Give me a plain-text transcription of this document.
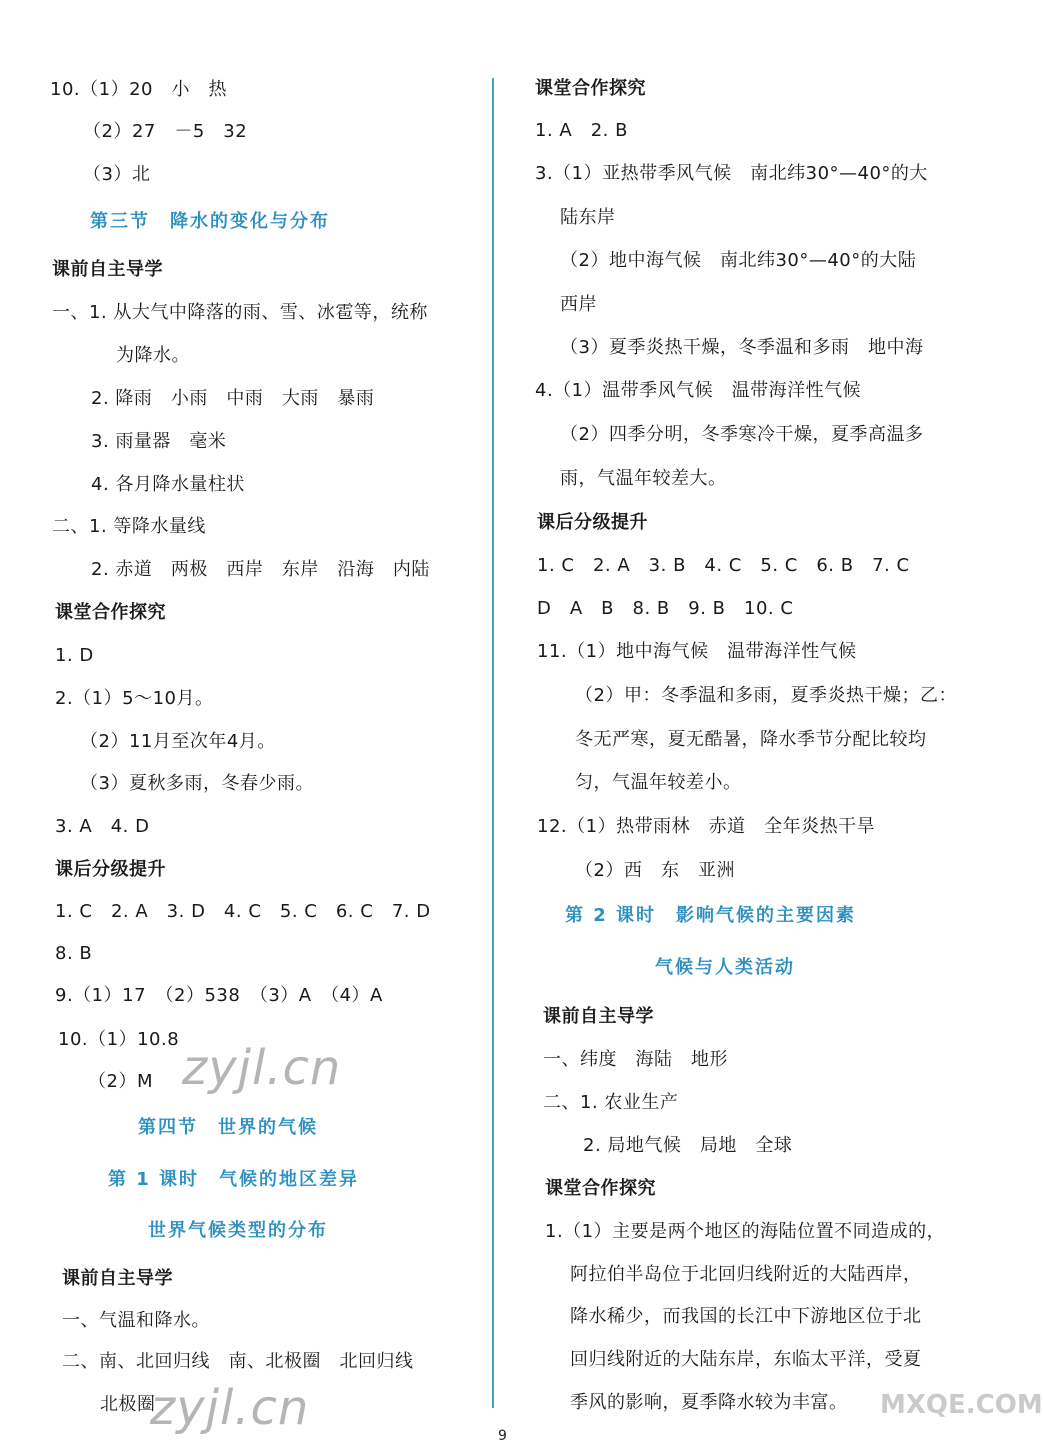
10.（1）20　小　热
（2）27　－5　32
（3）北
第三节　降水的变化与分布
课前自主导学
一、1. 从大气中降落的雨、雪、冰雹等，统称
为降水。
2. 降雨　小雨　中雨　大雨　暴雨
3. 雨量器　毫米
4. 各月降水量柱状
二、1. 等降水量线
2. 赤道　两极　西岸　东岸　沿海　内陆
课堂合作探究
1. D
2.（1）5～10月。
（2）11月至次年4月。
（3）夏秋多雨，冬春少雨。
3. A　4. D
课后分级提升
1. C　2. A　3. D　4. C　5. C　6. C　7. D
8. B
9.（1）17　（2）538　（3）A　（4）A
10.（1）10.8
（2）M
第四节　世界的气候
第 1 课时　气候的地区差异
世界气候类型的分布
课前自主导学
一、气温和降水。
二、南、北回归线　南、北极圈　北回归线
北极圈
课堂合作探究
1. A　2. B
3.（1）亚热带季风气候　南北纬30°—40°的大
陆东岸
（2）地中海气候　南北纬30°—40°的大陆
西岸
（3）夏季炎热干燥，冬季温和多雨　地中海
4.（1）温带季风气候　温带海洋性气候
（2）四季分明，冬季寒冷干燥，夏季高温多
雨，气温年较差大。
课后分级提升
1. C　2. A　3. B　4. C　5. C　6. B　7. C
D　A　B　8. B　9. B　10. C
11.（1）地中海气候　温带海洋性气候
（2）甲：冬季温和多雨，夏季炎热干燥；乙：
冬无严寒，夏无酷暑，降水季节分配比较均
匀，气温年较差小。
12.（1）热带雨林　赤道　全年炎热干旱
（2）西　东　亚洲
第 2 课时　影响气候的主要因素
气候与人类活动
课前自主导学
一、纬度　海陆　地形
二、1. 农业生产
2. 局地气候　局地　全球
课堂合作探究
1.（1）主要是两个地区的海陆位置不同造成的，
阿拉伯半岛位于北回归线附近的大陆西岸，
降水稀少，而我国的长江中下游地区位于北
回归线附近的大陆东岸，东临太平洋，受夏
季风的影响，夏季降水较为丰富。
zyjl.cn
zyjl.cn	MXQE.COM
9
